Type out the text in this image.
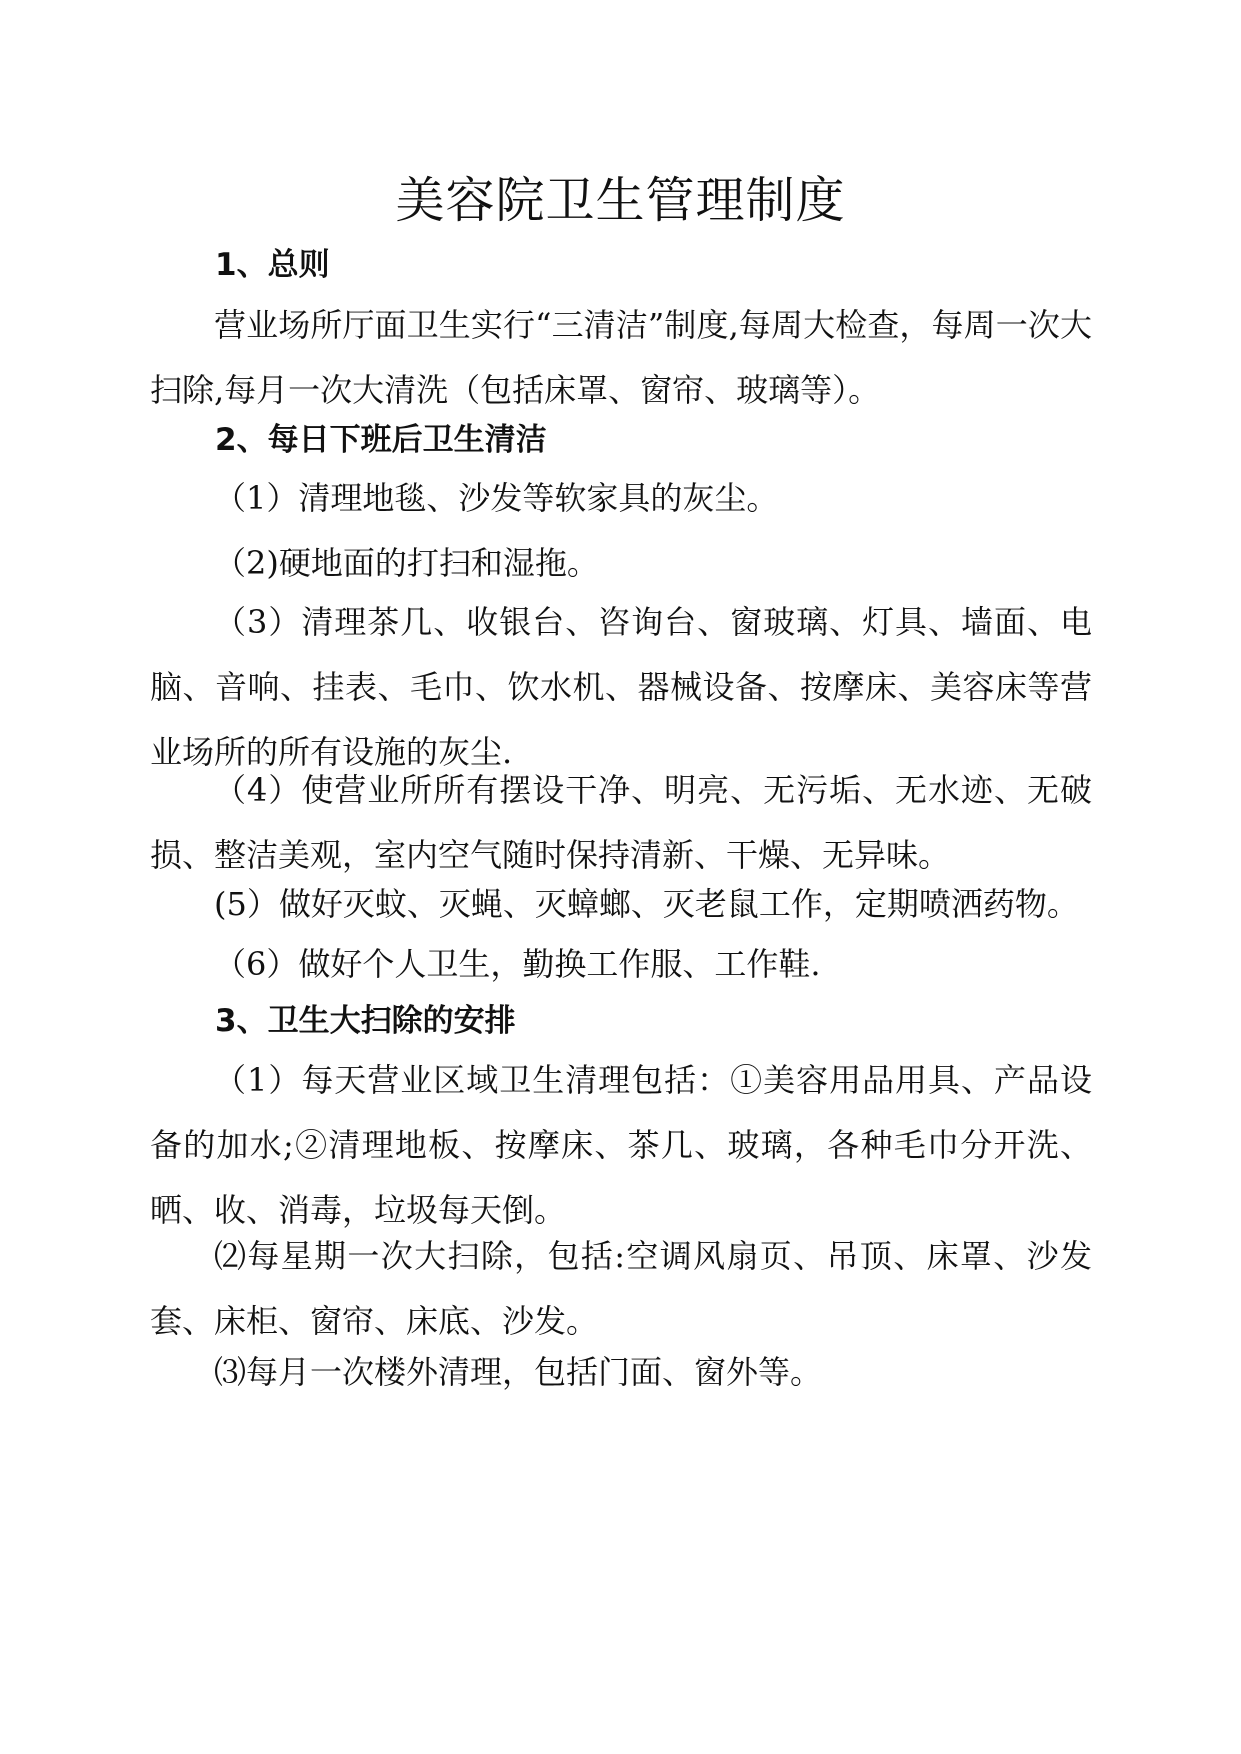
美容院卫生管理制度
1、总则

营业场所厅面卫生实行“三清洁”制度,每周大检查，每周一次大扫除,每月一次大清洗（包括床罩、窗帘、玻璃等）。

2、每日下班后卫生清洁

（1）清理地毯、沙发等软家具的灰尘。

（2)硬地面的打扫和湿拖。

（3）清理茶几、收银台、咨询台、窗玻璃、灯具、墙面、电脑、音响、挂表、毛巾、饮水机、器械设备、按摩床、美容床等营业场所的所有设施的灰尘.

（4）使营业所所有摆设干净、明亮、无污垢、无水迹、无破损、整洁美观，室内空气随时保持清新、干燥、无异味。

(5）做好灭蚊、灭蝇、灭蟑螂、灭老鼠工作，定期喷洒药物。

（6）做好个人卫生，勤换工作服、工作鞋.

3、卫生大扫除的安排

（1）每天营业区域卫生清理包括：①美容用品用具、产品设备的加水;②清理地板、按摩床、茶几、玻璃，各种毛巾分开洗、晒、收、消毒，垃圾每天倒。

⑵每星期一次大扫除，包括:空调风扇页、吊顶、床罩、沙发套、床柜、窗帘、床底、沙发。

⑶每月一次楼外清理，包括门面、窗外等。
